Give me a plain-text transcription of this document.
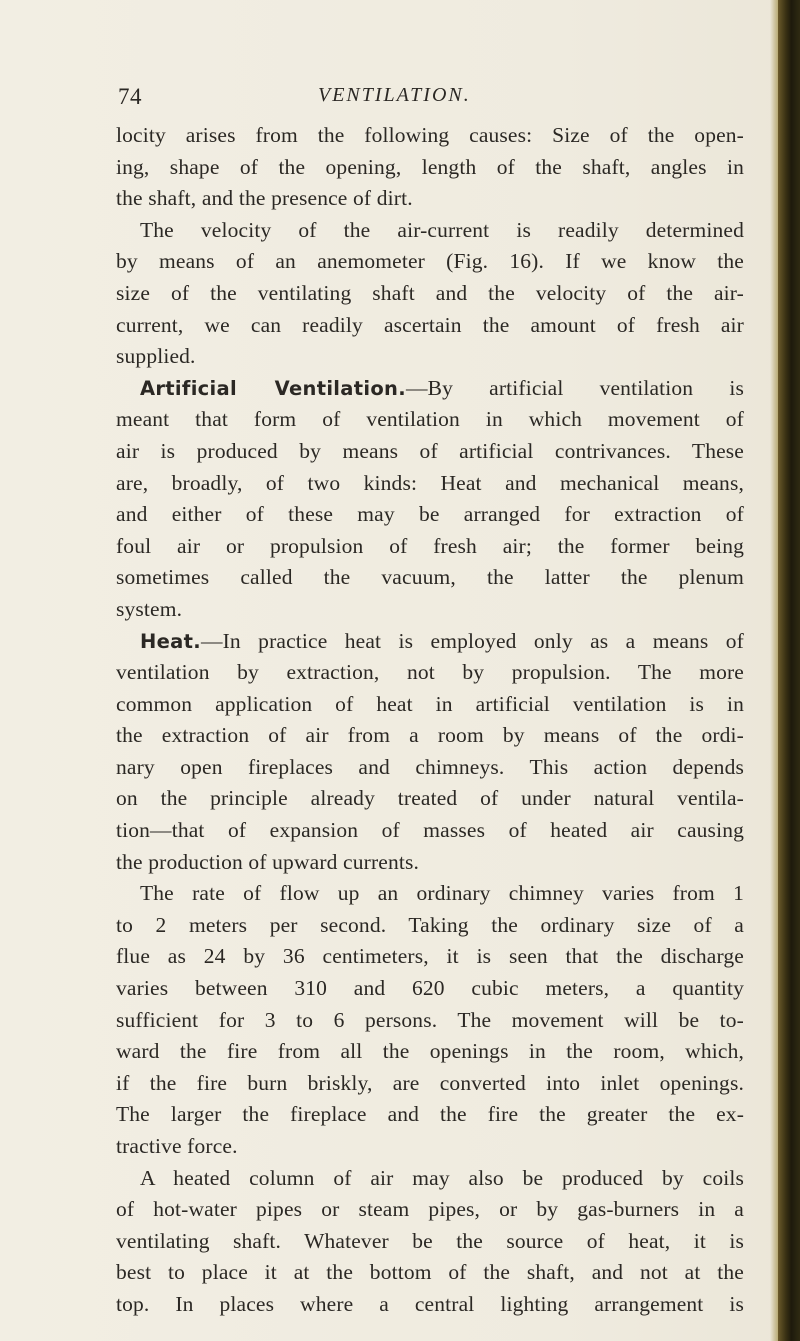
74	VENTILATION.
locity arises from the following causes: Size of the open-
ing, shape of the opening, length of the shaft, angles in
the shaft, and the presence of dirt.
The velocity of the air-current is readily determined
by means of an anemometer (Fig. 16). If we know the
size of the ventilating shaft and the velocity of the air-
current, we can readily ascertain the amount of fresh air
supplied.
Artificial Ventilation.—By artificial ventilation is
meant that form of ventilation in which movement of
air is produced by means of artificial contrivances. These
are, broadly, of two kinds: Heat and mechanical means,
and either of these may be arranged for extraction of
foul air or propulsion of fresh air; the former being
sometimes called the vacuum, the latter the plenum
system.
Heat.—In practice heat is employed only as a means of
ventilation by extraction, not by propulsion. The more
common application of heat in artificial ventilation is in
the extraction of air from a room by means of the ordi-
nary open fireplaces and chimneys. This action depends
on the principle already treated of under natural ventila-
tion—that of expansion of masses of heated air causing
the production of upward currents.
The rate of flow up an ordinary chimney varies from 1
to 2 meters per second. Taking the ordinary size of a
flue as 24 by 36 centimeters, it is seen that the discharge
varies between 310 and 620 cubic meters, a quantity
sufficient for 3 to 6 persons. The movement will be to-
ward the fire from all the openings in the room, which,
if the fire burn briskly, are converted into inlet openings.
The larger the fireplace and the fire the greater the ex-
tractive force.
A heated column of air may also be produced by coils
of hot-water pipes or steam pipes, or by gas-burners in a
ventilating shaft. Whatever be the source of heat, it is
best to place it at the bottom of the shaft, and not at the
top. In places where a central lighting arrangement is
